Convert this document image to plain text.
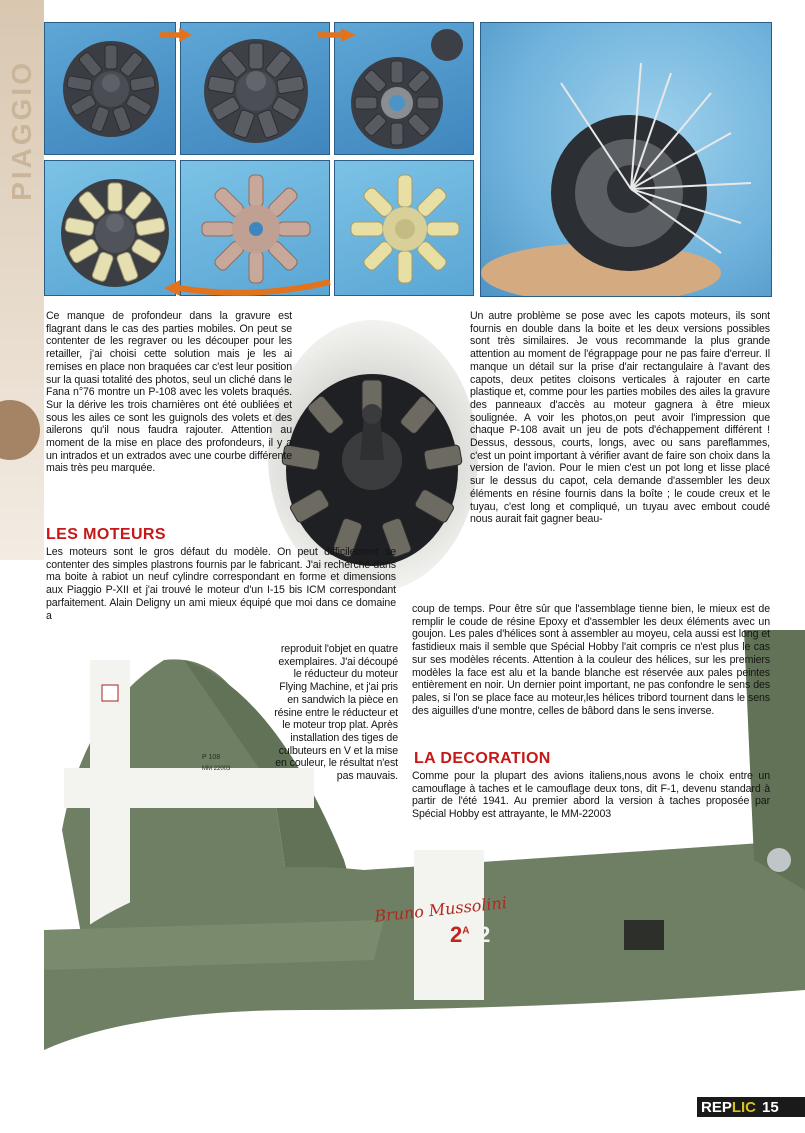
PIAGGIO
P 108
MM 22003
Bruno Mussolini
$2^A$ -2
Ce manque de profondeur dans la gravure est flagrant dans le cas des parties mobiles. On peut se contenter de les regraver ou les découper pour les retailler, j'ai choisi cette solution mais je les ai remises en place non braquées car c'est leur position sur la quasi totalité des photos, seul un cliché dans le Fana n°76 montre un P-108 avec les volets braqués. Sur la dérive les trois charnières ont été oubliées et sous les ailes ce sont les guignols des volets et des ailerons qu'il nous faudra rajouter. Attention au moment de la mise en place des profondeurs, il y a un intrados et un extrados avec une courbe différente mais très peu marquée.
LES MOTEURS
Les moteurs sont le gros défaut du modèle. On peut difficilement se contenter des simples plastrons fournis par le fabricant. J'ai recherché dans ma boite à rabiot un neuf cylindre correspondant en forme et dimensions aux Piaggio P-XII et j'ai trouvé le moteur d'un I-15 bis ICM correspondant parfaitement. Alain Deligny un ami mieux équipé que moi dans ce domaine a
reproduit l'objet en quatre exemplaires. J'ai découpé le réducteur du moteur Flying Machine, et j'ai pris en sandwich la pièce en résine entre le réducteur et le moteur trop plat. Après installation des tiges de culbuteurs en V et la mise en couleur, le résultat n'est pas mauvais.
Un autre problème se pose avec les capots moteurs, ils sont fournis en double dans la boite et les deux versions possibles sont très similaires. Je vous recommande la plus grande attention au moment de l'égrappage pour ne pas faire d'erreur. Il manque un détail sur la prise d'air rectangulaire à l'avant des capots, deux petites cloisons verticales à rajouter en carte plastique et, comme pour les parties mobiles des ailes la gravure des panneaux d'accès au moteur gagnera à être mieux soulignée. A voir les photos,on peut avoir l'impression que chaque P-108 avait un jeu de pots d'échappement différent ! Dessus, dessous, courts, longs, avec ou sans pareflammes, c'est un point important à vérifier avant de faire son choix dans la version de l'avion. Pour le mien c'est un pot long et lisse placé sur le dessus du capot, cela demande d'assembler les deux éléments en résine fournis dans la boîte ; le coude creux et le tuyau, c'est long et compliqué, un tuyau avec embout coudé nous aurait fait gagner beau-
coup de temps. Pour être sûr que l'assemblage tienne bien, le mieux est de remplir le coude de résine Epoxy et d'assembler les deux éléments avec un goujon. Les pales d'hélices sont à assembler au moyeu, cela aussi est long et fastidieux mais il semble que Spécial Hobby l'ait compris ce n'est plus le cas sur ses modèles récents. Attention à la couleur des hélices, sur les premiers modèles la face est alu et la bande blanche est réservée aux pales peintes entièrement en noir. Un dernier point important, ne pas confondre le sens des pales, si l'on se place face au moteur,les hélices tribord tournent dans le sens des aiguilles d'une montre, celles de bâbord dans le sens inverse.
LA DECORATION
Comme pour la plupart des avions italiens,nous avons le choix entre un camouflage à taches et le camouflage deux tons, dit F-1, devenu standard à partir de l'été 1941. Au premier abord la version à taches proposée par Spécial Hobby est attrayante, le MM-22003
REP LIC 15
